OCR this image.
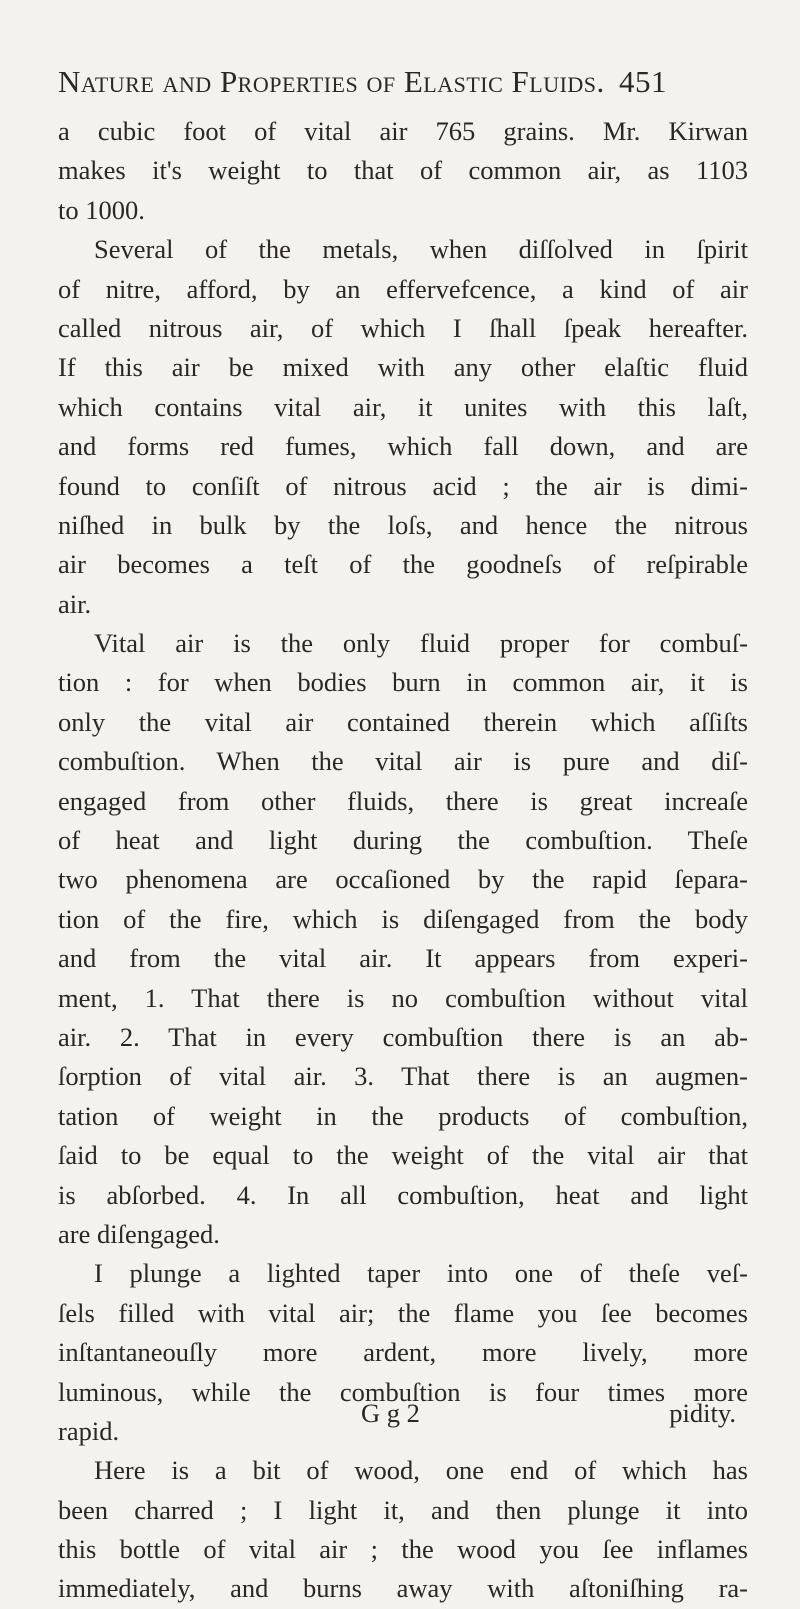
Nature and Properties of Elastic Fluids. 451
a cubic foot of vital air 765 grains. Mr. Kirwan
makes it's weight to that of common air, as 1103
to 1000.
Several of the metals, when diſſolved in ſpirit
of nitre, afford, by an effervefcence, a kind of air
called nitrous air, of which I ſhall ſpeak hereafter.
If this air be mixed with any other elaſtic fluid
which contains vital air, it unites with this laſt,
and forms red fumes, which fall down, and are
found to conſiſt of nitrous acid ; the air is dimi-
niſhed in bulk by the loſs, and hence the nitrous
air becomes a teſt of the goodneſs of reſpirable
air.
Vital air is the only fluid proper for combuſ-
tion : for when bodies burn in common air, it is
only the vital air contained therein which aſſiſts
combuſtion. When the vital air is pure and diſ-
engaged from other fluids, there is great increaſe
of heat and light during the combuſtion. Theſe
two phenomena are occaſioned by the rapid ſepara-
tion of the fire, which is diſengaged from the body
and from the vital air. It appears from experi-
ment, 1. That there is no combuſtion without vital
air. 2. That in every combuſtion there is an ab-
ſorption of vital air. 3. That there is an augmen-
tation of weight in the products of combuſtion,
ſaid to be equal to the weight of the vital air that
is abſorbed. 4. In all combuſtion, heat and light
are diſengaged.
I plunge a lighted taper into one of theſe veſ-
ſels filled with vital air; the flame you ſee becomes
inſtantaneouſly more ardent, more lively, more
luminous, while the combuſtion is four times more
rapid.
Here is a bit of wood, one end of which has
been charred ; I light it, and then plunge it into
this bottle of vital air ; the wood you ſee inflames
immediately, and burns away with aſtoniſhing ra-
G g 2	pidity.
